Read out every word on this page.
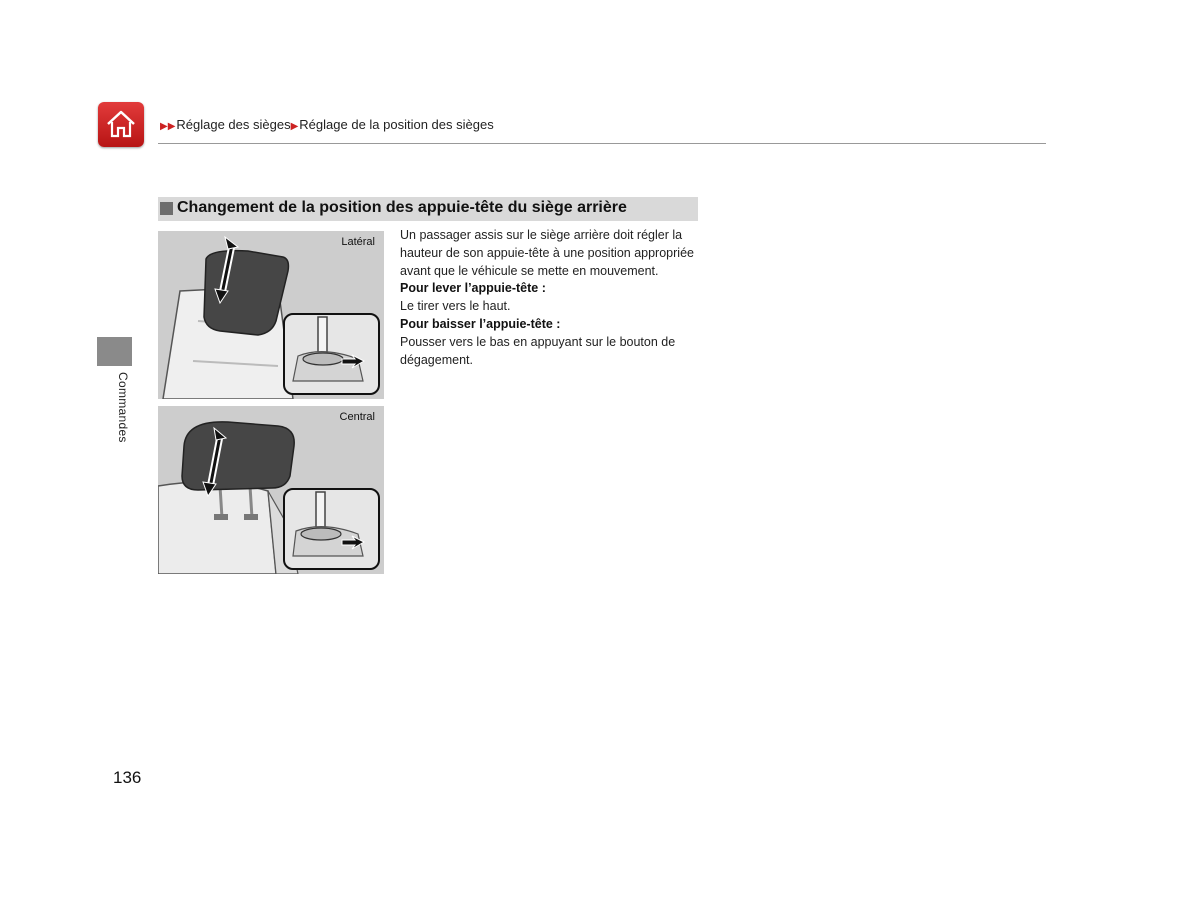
▶▶Réglage des sièges▶Réglage de la position des sièges
Commandes
Changement de la position des appuie-tête du siège arrière
Latéral
Central

Un passager assis sur le siège arrière doit régler la hauteur de son appuie-tête à une position appropriée avant que le véhicule se mette en mouvement.

Pour lever l’appuie-tête :

Le tirer vers le haut.

Pour baisser l’appuie-tête :

Pousser vers le bas en appuyant sur le bouton de dégagement.

136
